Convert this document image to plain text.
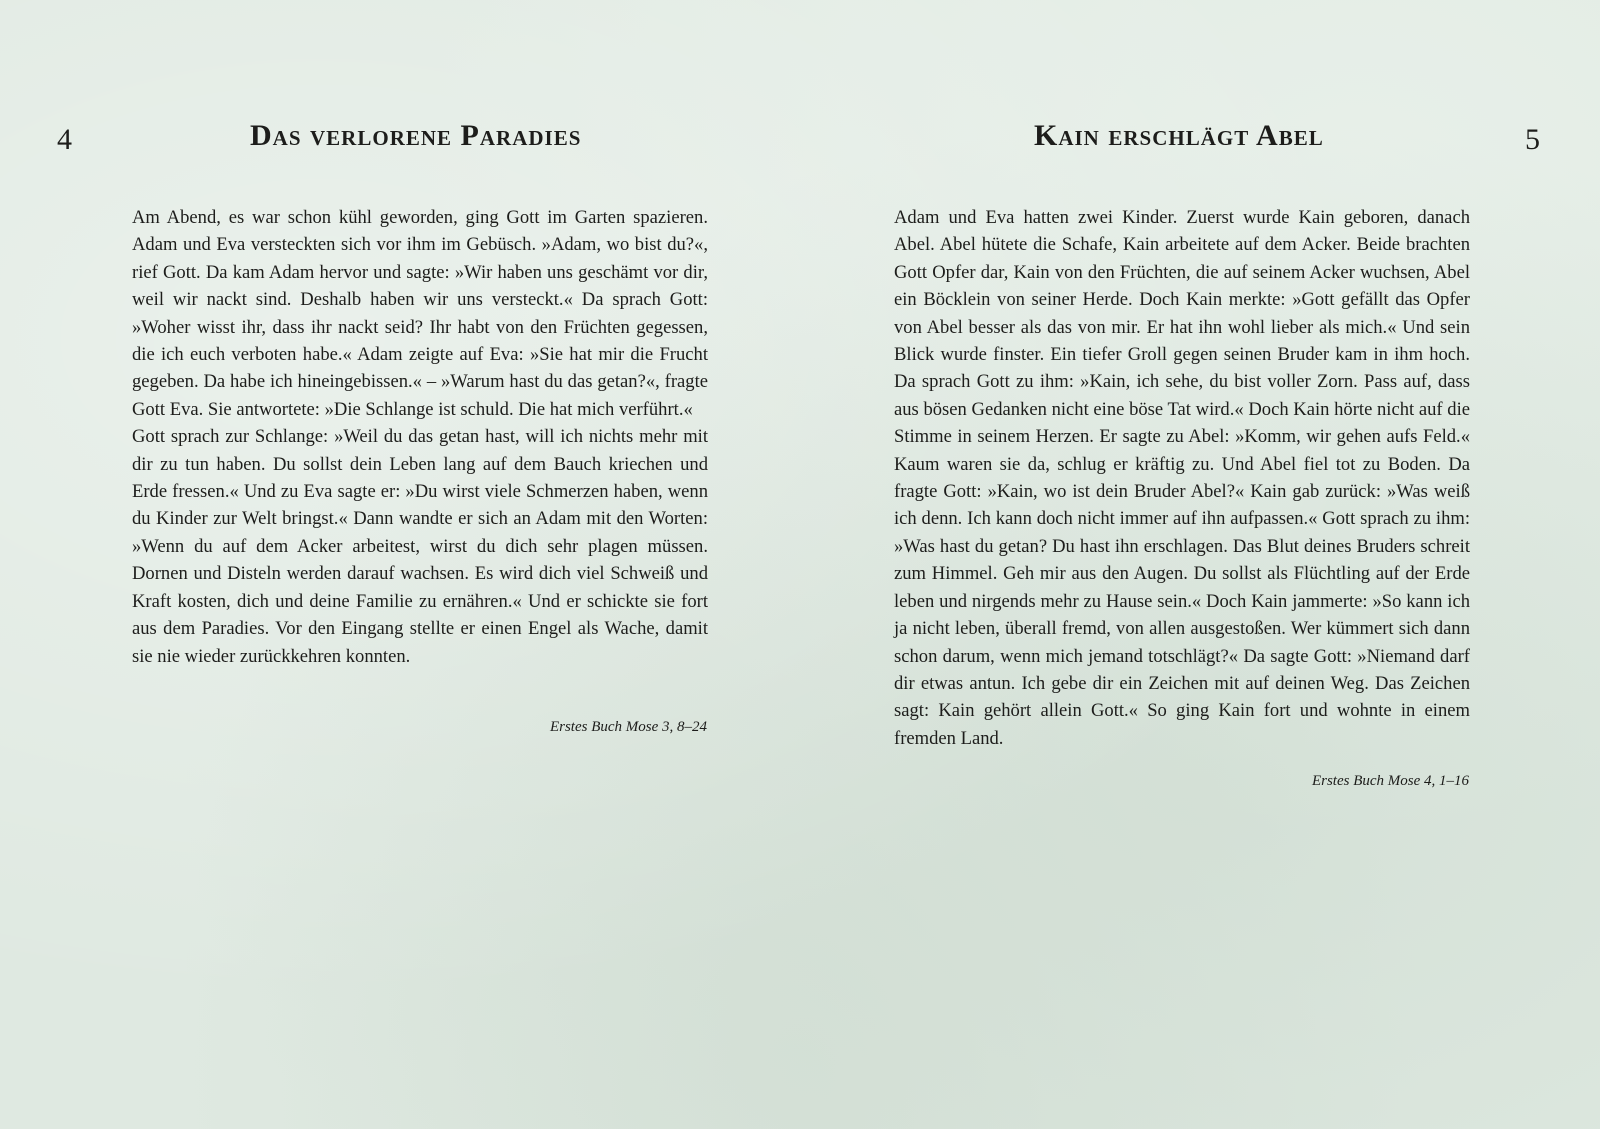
4	Das verlorene Paradies

Am Abend, es war schon kühl geworden, ging Gott im Garten spazieren. Adam und Eva versteckten sich vor ihm im Gebüsch. »Adam, wo bist du?«, rief Gott. Da kam Adam hervor und sagte: »Wir haben uns geschämt vor dir, weil wir nackt sind. Deshalb haben wir uns versteckt.« Da sprach Gott: »Woher wisst ihr, dass ihr nackt seid? Ihr habt von den Früchten gegessen, die ich euch verboten habe.« Adam zeigte auf Eva: »Sie hat mir die Frucht gegeben. Da habe ich hineingebissen.« – »Warum hast du das getan?«, fragte Gott Eva. Sie antwortete: »Die Schlange ist schuld. Die hat mich verführt.«

Gott sprach zur Schlange: »Weil du das getan hast, will ich nichts mehr mit dir zu tun haben. Du sollst dein Leben lang auf dem Bauch kriechen und Erde fressen.« Und zu Eva sagte er: »Du wirst viele Schmerzen haben, wenn du Kinder zur Welt bringst.« Dann wandte er sich an Adam mit den Worten: »Wenn du auf dem Acker arbeitest, wirst du dich sehr plagen müssen. Dornen und Disteln werden darauf wachsen. Es wird dich viel Schweiß und Kraft kosten, dich und deine Familie zu ernähren.« Und er schickte sie fort aus dem Paradies. Vor den Eingang stellte er einen Engel als Wache, damit sie nie wieder zurückkehren konnten.

Erstes Buch Mose 3, 8–24
Kain erschlägt Abel	5

Adam und Eva hatten zwei Kinder. Zuerst wurde Kain geboren, danach Abel. Abel hütete die Schafe, Kain arbeitete auf dem Acker. Beide brachten Gott Opfer dar, Kain von den Früchten, die auf seinem Acker wuchsen, Abel ein Böcklein von seiner Herde. Doch Kain merkte: »Gott gefällt das Opfer von Abel besser als das von mir. Er hat ihn wohl lieber als mich.« Und sein Blick wurde finster. Ein tiefer Groll gegen seinen Bruder kam in ihm hoch. Da sprach Gott zu ihm: »Kain, ich sehe, du bist voller Zorn. Pass auf, dass aus bösen Gedanken nicht eine böse Tat wird.« Doch Kain hörte nicht auf die Stimme in seinem Herzen. Er sagte zu Abel: »Komm, wir gehen aufs Feld.« Kaum waren sie da, schlug er kräftig zu. Und Abel fiel tot zu Boden. Da fragte Gott: »Kain, wo ist dein Bruder Abel?« Kain gab zurück: »Was weiß ich denn. Ich kann doch nicht immer auf ihn aufpassen.« Gott sprach zu ihm: »Was hast du getan? Du hast ihn erschlagen. Das Blut deines Bruders schreit zum Himmel. Geh mir aus den Augen. Du sollst als Flüchtling auf der Erde leben und nirgends mehr zu Hause sein.« Doch Kain jammerte: »So kann ich ja nicht leben, überall fremd, von allen ausgestoßen. Wer kümmert sich dann schon darum, wenn mich jemand totschlägt?« Da sagte Gott: »Niemand darf dir etwas antun. Ich gebe dir ein Zeichen mit auf deinen Weg. Das Zeichen sagt: Kain gehört allein Gott.« So ging Kain fort und wohnte in einem fremden Land.

Erstes Buch Mose 4, 1–16
